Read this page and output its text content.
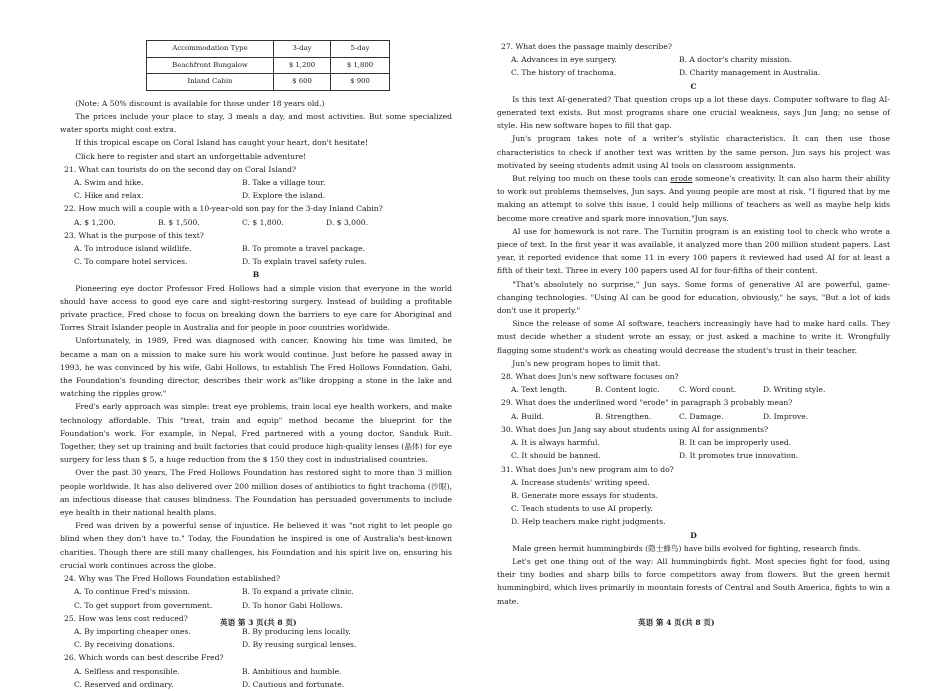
Accommodation Type	3-day	5-day
Beachfront Bungalow	$ 1,200	$ 1,800
Inland Cabin	$ 600	$ 900

(Note: A 50% discount is available for those under 18 years old.)

The prices include your place to stay, 3 meals a day, and most activities. But some specialized water sports might cost extra.

If this tropical escape on Coral Island has caught your heart, don't hesitate!

Click here to register and start an unforgettable adventure!

21. What can tourists do on the second day on Coral Island?

A. Swim and hike.	B. Take a village tour.
C. Hike and relax.	D. Explore the island.

22. How much will a couple with a 10-year-old son pay for the 3-day Inland Cabin?

A. $ 1,200.	B. $ 1,500.	C. $ 1,800.	D. $ 3,000.

23. What is the purpose of this text?

A. To introduce island wildlife.	B. To promote a travel package.
C. To compare hotel services.	D. To explain travel safety rules.

B

Pioneering eye doctor Professor Fred Hollows had a simple vision that everyone in the world should have access to good eye care and sight-restoring surgery. Instead of building a profitable private practice, Fred chose to focus on breaking down the barriers to eye care for Aboriginal and Torres Strait Islander people in Australia and for people in poor countries worldwide.

Unfortunately, in 1989, Fred was diagnosed with cancer. Knowing his time was limited, he became a man on a mission to make sure his work would continue. Just before he passed away in 1993, he was convinced by his wife, Gabi Hollows, to establish The Fred Hollows Foundation. Gabi, the Foundation's founding director, describes their work as"like dropping a stone in the lake and watching the ripples grow."

Fred's early approach was simple: treat eye problems, train local eye health workers, and make technology affordable. This "treat, train and equip" method became the blueprint for the Foundation's work. For example, in Nepal, Fred partnered with a young doctor, Sanduk Ruit. Together, they set up training and built factories that could produce high-quality lenses (晶体) for eye surgery for less than $ 5, a huge reduction from the $ 150 they cost in industrialised countries.

Over the past 30 years, The Fred Hollows Foundation has restored sight to more than 3 million people worldwide. It has also delivered over 200 million doses of antibiotics to fight trachoma (沙眼), an infectious disease that causes blindness. The Foundation has persuaded governments to include eye health in their national health plans.

Fred was driven by a powerful sense of injustice. He believed it was "not right to let people go blind when they don't have to." Today, the Foundation he inspired is one of Australia's best-known charities. Though there are still many challenges, his Foundation and his spirit live on, ensuring his crucial work continues across the globe.

24. Why was The Fred Hollows Foundation established?

A. To continue Fred's mission.	B. To expand a private clinic.
C. To get support from government.	D. To honor Gabi Hollows.

25. How was lens cost reduced?

A. By importing cheaper ones.	B. By producing lens locally.
C. By receiving donations.	D. By reusing surgical lenses.

26. Which words can best describe Fred?

A. Selfless and responsible.	B. Ambitious and humble.
C. Reserved and ordinary.	D. Cautious and fortunate.
英语 第 3 页(共 8 页)

27. What does the passage mainly describe?

A. Advances in eye surgery.	B. A doctor's charity mission.
C. The history of trachoma.	D. Charity management in Australia.

C

Is this text AI-generated? That question crops up a lot these days. Computer software to flag AI-generated text exists. But most programs share one crucial weakness, says Jun Jang; no sense of style. His new software hopes to fill that gap.

Jun's program takes note of a writer's stylistic characteristics. It can then use those characteristics to check if another text was written by the same person. Jun says his project was motivated by seeing students admit using AI tools on classroom assignments.

But relying too much on these tools can erode someone's creativity. It can also harm their ability to work out problems themselves, Jun says. And young people are most at risk. "I figured that by me making an attempt to solve this issue, I could help millions of teachers as well as maybe help kids become more creative and spark more innovation,"Jun says.

AI use for homework is not rare. The Turnitin program is an existing tool to check who wrote a piece of text. In the first year it was available, it analyzed more than 200 million student papers. Last year, it reported evidence that some 11 in every 100 papers it reviewed had used AI for at least a fifth of their text. Three in every 100 papers used AI for four-fifths of their content.

"That's absolutely no surprise," Jun says. Some forms of generative AI are powerful, game-changing technologies. "Using AI can be good for education, obviously," he says, "But a lot of kids don't use it properly."

Since the release of some AI software, teachers increasingly have had to make hard calls. They must decide whether a student wrote an essay, or just asked a machine to write it. Wrongfully flagging some student's work as cheating would decrease the student's trust in their teacher.

Jun's new program hopes to limit that.

28. What does Jun's new software focuses on?

A. Text length.	B. Content logic.	C. Word count.	D. Writing style.

29. What does the underlined word "erode" in paragraph 3 probably mean?

A. Build.	B. Strengthen.	C. Damage.	D. Improve.

30. What does Jun Jang say about students using AI for assignments?

A. It is always harmful.	B. It can be improperly used.
C. It should be banned.	D. It promotes true innovation.

31. What does Jun's new program aim to do?

A. Increase students' writing speed.
B. Generate more essays for students.
C. Teach students to use AI properly.
D. Help teachers make right judgments.

D

Male green hermit hummingbirds (隐士蜂鸟) have bills evolved for fighting, research finds.

Let's get one thing out of the way: All hummingbirds fight. Most species fight for food, using their tiny bodies and sharp bills to force competitors away from flowers. But the green hermit hummingbird, which lives primarily in mountain forests of Central and South America, fights to win a mate.

英语 第 4 页(共 8 页)
